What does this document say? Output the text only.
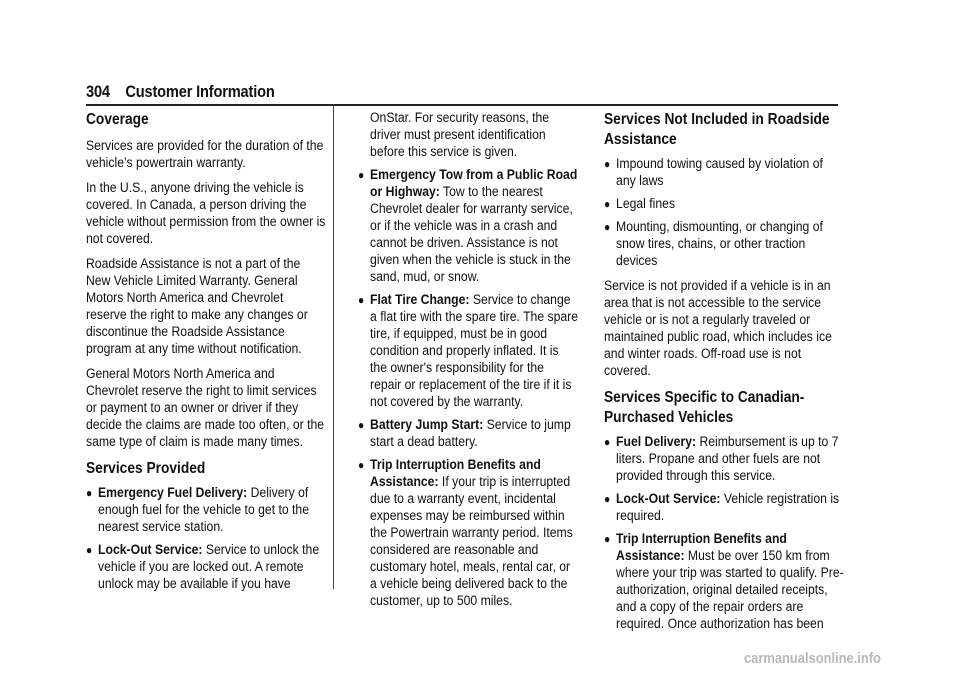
304 Customer Information
Coverage

Services are provided for the duration of the vehicle’s powertrain warranty.

In the U.S., anyone driving the vehicle is covered. In Canada, a person driving the vehicle without permission from the owner is not covered.

Roadside Assistance is not a part of the New Vehicle Limited Warranty. General Motors North America and Chevrolet reserve the right to make any changes or discontinue the Roadside Assistance program at any time without notification.

General Motors North America and Chevrolet reserve the right to limit services or payment to an owner or driver if they decide the claims are made too often, or the same type of claim is made many times.

Services Provided

● Emergency Fuel Delivery: Delivery of enough fuel for the vehicle to get to the nearest service station.

● Lock-Out Service: Service to unlock the vehicle if you are locked out. A remote unlock may be available if you have

OnStar. For security reasons, the driver must present identification before this service is given.

● Emergency Tow from a Public Road or Highway: Tow to the nearest Chevrolet dealer for warranty service, or if the vehicle was in a crash and cannot be driven. Assistance is not given when the vehicle is stuck in the sand, mud, or snow.

● Flat Tire Change: Service to change a flat tire with the spare tire. The spare tire, if equipped, must be in good condition and properly inflated. It is the owner's responsibility for the repair or replacement of the tire if it is not covered by the warranty.

● Battery Jump Start: Service to jump start a dead battery.

● Trip Interruption Benefits and Assistance: If your trip is interrupted due to a warranty event, incidental expenses may be reimbursed within the Powertrain warranty period. Items considered are reasonable and customary hotel, meals, rental car, or a vehicle being delivered back to the customer, up to 500 miles.

Services Not Included in Roadside Assistance

● Impound towing caused by violation of any laws

● Legal fines

● Mounting, dismounting, or changing of snow tires, chains, or other traction devices

Service is not provided if a vehicle is in an area that is not accessible to the service vehicle or is not a regularly traveled or maintained public road, which includes ice and winter roads. Off-road use is not covered.

Services Specific to Canadian-Purchased Vehicles

● Fuel Delivery: Reimbursement is up to 7 liters. Propane and other fuels are not provided through this service.

● Lock-Out Service: Vehicle registration is required.

● Trip Interruption Benefits and Assistance: Must be over 150 km from where your trip was started to qualify. Pre-authorization, original detailed receipts, and a copy of the repair orders are required. Once authorization has been

carmanualsonline.info
